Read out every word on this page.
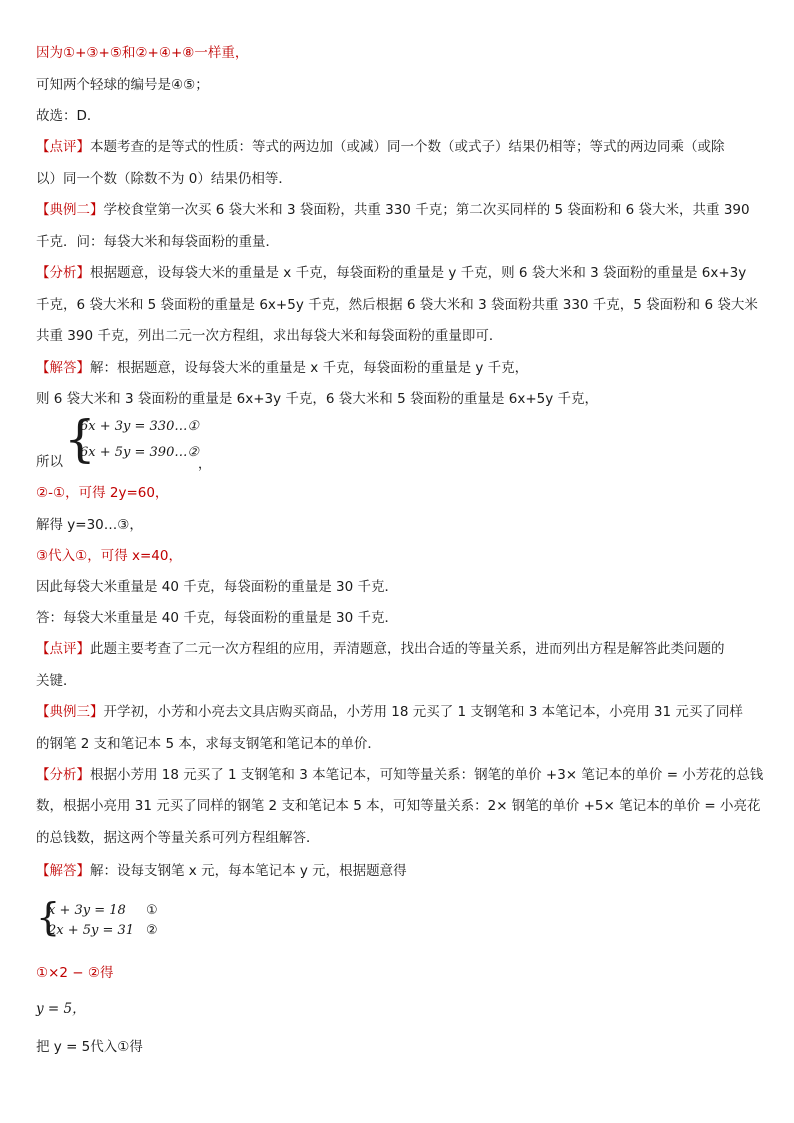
因为①+③+⑤和②+④+⑧一样重，
可知两个轻球的编号是④⑤；
故选：D．
【点评】本题考查的是等式的性质：等式的两边加（或减）同一个数（或式子）结果仍相等；等式的两边同乘（或除
以）同一个数（除数不为 0）结果仍相等．
【典例二】学校食堂第一次买 6 袋大米和 3 袋面粉，共重 330 千克；第二次买同样的 5 袋面粉和 6 袋大米，共重 390
千克．问：每袋大米和每袋面粉的重量．
【分析】根据题意，设每袋大米的重量是 x 千克，每袋面粉的重量是 y 千克，则 6 袋大米和 3 袋面粉的重量是 6x+3y
千克，6 袋大米和 5 袋面粉的重量是 6x+5y 千克，然后根据 6 袋大米和 3 袋面粉共重 330 千克，5 袋面粉和 6 袋大米
共重 390 千克，列出二元一次方程组，求出每袋大米和每袋面粉的重量即可．
【解答】解：根据题意，设每袋大米的重量是 x 千克，每袋面粉的重量是 y 千克，
则 6 袋大米和 3 袋面粉的重量是 6x+3y 千克，6 袋大米和 5 袋面粉的重量是 6x+5y 千克，
所以 {
6x + 3y = 330…①
6x + 5y = 390…②
，
②-①，可得 2y=60，
解得 y=30…③，
③代入①，可得 x=40，
因此每袋大米重量是 40 千克，每袋面粉的重量是 30 千克．
答：每袋大米重量是 40 千克，每袋面粉的重量是 30 千克．
【点评】此题主要考查了二元一次方程组的应用，弄清题意，找出合适的等量关系，进而列出方程是解答此类问题的
关键．
【典例三】开学初，小芳和小亮去文具店购买商品，小芳用 18 元买了 1 支钢笔和 3 本笔记本，小亮用 31 元买了同样
的钢笔 2 支和笔记本 5 本，求每支钢笔和笔记本的单价．
【分析】根据小芳用 18 元买了 1 支钢笔和 3 本笔记本，可知等量关系：钢笔的单价 +3× 笔记本的单价 = 小芳花的总钱
数，根据小亮用 31 元买了同样的钢笔 2 支和笔记本 5 本，可知等量关系：2× 钢笔的单价 +5× 笔记本的单价 = 小亮花
的总钱数，据这两个等量关系可列方程组解答．
【解答】解：设每支钢笔 x 元，每本笔记本 y 元，根据题意得
{
x + 3y = 18 ①
2x + 5y = 31 ②
①×2 − ②得
y = 5，
把 y = 5代入①得
